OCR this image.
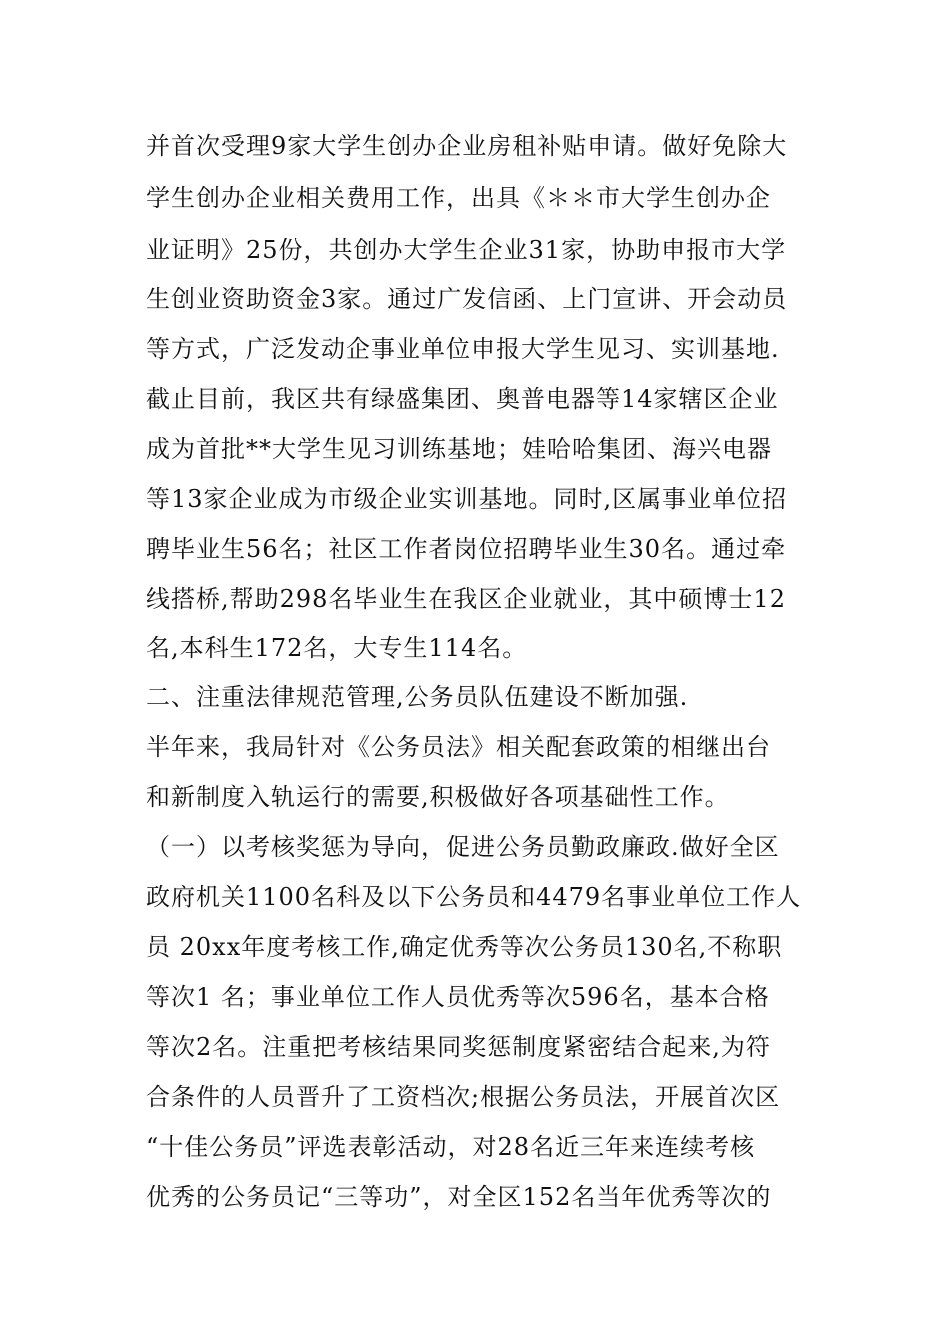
并首次受理9家大学生创办企业房租补贴申请。做好免除大
学生创办企业相关费用工作，出具《＊＊市大学生创办企
业证明》25份，共创办大学生企业31家，协助申报市大学
生创业资助资金3家。通过广发信函、上门宣讲、开会动员
等方式，广泛发动企事业单位申报大学生见习、实训基地.
截止目前，我区共有绿盛集团、奥普电器等14家辖区企业
成为首批**大学生见习训练基地；娃哈哈集团、海兴电器
等13家企业成为市级企业实训基地。同时,区属事业单位招
聘毕业生56名；社区工作者岗位招聘毕业生30名。通过牵
线搭桥,帮助298名毕业生在我区企业就业，其中硕博士12
名,本科生172名，大专生114名。
二、注重法律规范管理,公务员队伍建设不断加强.
半年来，我局针对《公务员法》相关配套政策的相继出台
和新制度入轨运行的需要,积极做好各项基础性工作。
（一）以考核奖惩为导向，促进公务员勤政廉政.做好全区
政府机关1100名科及以下公务员和4479名事业单位工作人
员 20xx年度考核工作,确定优秀等次公务员130名,不称职
等次1 名；事业单位工作人员优秀等次596名，基本合格
等次2名。注重把考核结果同奖惩制度紧密结合起来,为符
合条件的人员晋升了工资档次;根据公务员法，开展首次区
“十佳公务员”评选表彰活动，对28名近三年来连续考核
优秀的公务员记“三等功”，对全区152名当年优秀等次的
